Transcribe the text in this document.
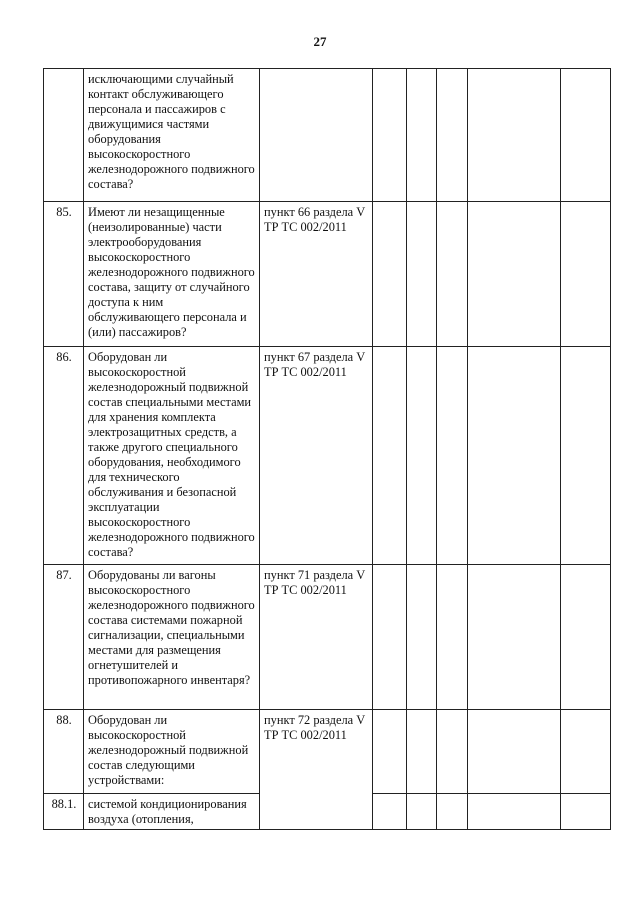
27
	исключающими случайный контакт обслуживающего персонала и пассажиров с движущимися частями оборудования высокоскоростного железнодорожного подвижного состава?						
85.	Имеют ли незащищенные (неизолированные) части электрооборудования высокоскоростного железнодорожного подвижного состава, защиту от случайного доступа к ним обслуживающего персонала и (или) пассажиров?	пункт 66 раздела V ТР ТС 002/2011					
86.	Оборудован ли высокоскоростной железнодорожный подвижной состав специальными местами для хранения комплекта электрозащитных средств, а также другого специального оборудования, необходимого для технического обслуживания и безопасной эксплуатации высокоскоростного железнодорожного подвижного состава?	пункт 67 раздела V ТР ТС 002/2011					
87.	Оборудованы ли вагоны высокоскоростного железнодорожного подвижного состава системами пожарной сигнализации, специальными местами для размещения огнетушителей и противопожарного инвентаря?	пункт 71 раздела V ТР ТС 002/2011					
88.	Оборудован ли высокоскоростной железнодорожный подвижной состав следующими устройствами:	пункт 72 раздела V ТР ТС 002/2011					
88.1.	системой кондиционирования воздуха (отопления,						
